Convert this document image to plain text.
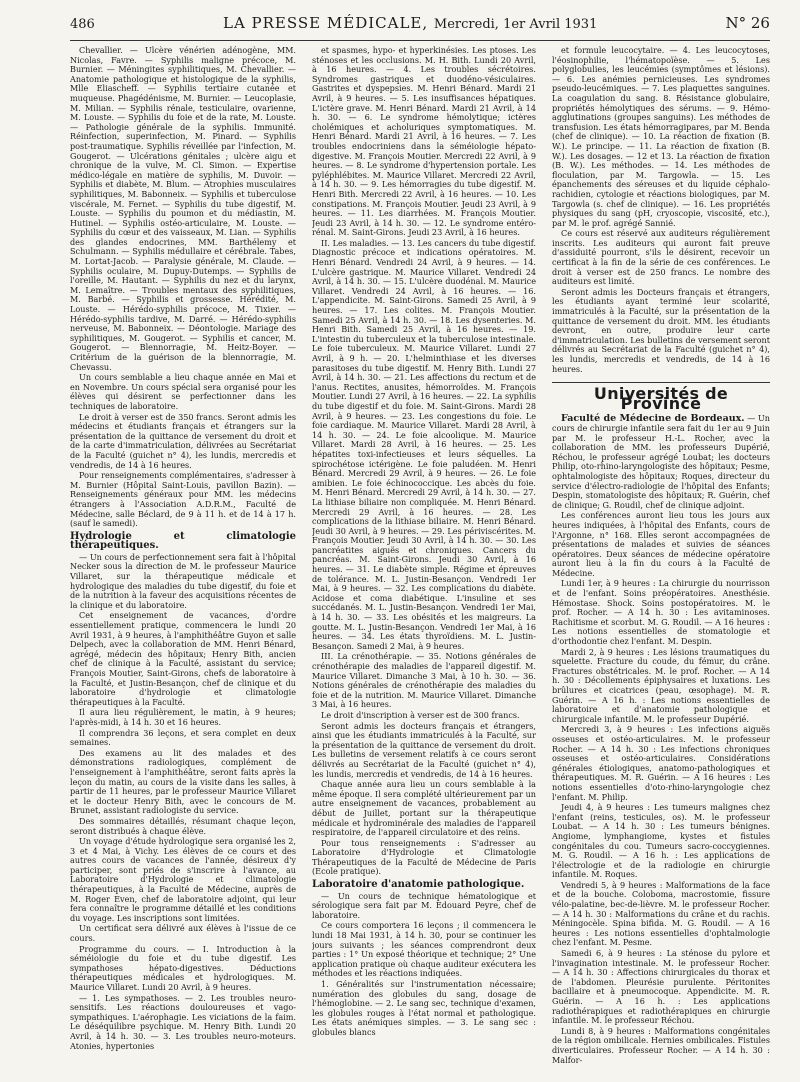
486	LA PRESSE MÉDICALE, Mercredi, 1er Avril 1931	N° 26

Chevallier. — Ulcère vénérien adénogène, MM. Nicolas, Favre. — Syphilis maligne précoce, M. Burnier. — Méningites syphilitiques, M. Chevallier. — Anatomie pathologique et histologique de la syphilis, Mlle Eliascheff. — Syphilis tertiaire cutanée et muqueuse. Phagédénisme, M. Burnier. — Leucoplasie, M. Milian. — Syphilis rénale, testiculaire, ovarienne, M. Louste. — Syphilis du foie et de la rate, M. Louste. — Pathologie générale de la syphilis. Immunité. Réinfection, superinfection, M. Pinard. — Syphilis post-traumatique. Syphilis réveillée par l'infection, M. Gougerot. — Ulcérations génitales ; ulcère aigu et chronique de la vulve, M. Cl. Simon. — Expertise médico-légale en matière de syphilis, M. Duvoir. — Syphilis et diabète, M. Blum. — Atrophies musculaires syphilitiques, M. Babonneix. — Syphilis et tuberculose viscérale, M. Fernet. — Syphilis du tube digestif, M. Louste. — Syphilis du poumon et du médiastin, M. Hutinel. — Syphilis ostéo-articulaire, M. Louste. — Syphilis du cœur et des vaisseaux, M. Lian. — Syphilis des glandes endocrines, MM. Barthélemy et Schulmann. — Syphilis médullaire et cérébrale. Tabes, M. Lortat-Jacob. — Paralysie générale, M. Claude. — Syphilis oculaire, M. Dupuy-Dutemps. — Syphilis de l'oreille, M. Hautant. — Syphilis du nez et du larynx, M. Lemaître. — Troubles mentaux des syphilitiques, M. Barbé. — Syphilis et grossesse. Hérédité, M. Louste. — Hérédo-syphilis précoce, M. Tixier. — Hérédo-syphilis tardive, M. Darré. — Hérédo-syphilis nerveuse, M. Babonneix. — Déontologie. Mariage des syphilitiques, M. Gougerot. — Syphilis et cancer, M. Gougerot. — Blennorragie, M. Heitz-Boyer. — Critérium de la guérison de la blennorragie, M. Chevassu.

Un cours semblable a lieu chaque année en Mai et en Novembre. Un cours spécial sera organisé pour les élèves qui désirent se perfectionner dans les techniques de laboratoire.

Le droit à verser est de 350 francs. Seront admis les médecins et étudiants français et étrangers sur la présentation de la quittance de versement du droit et de la carte d'immatriculation, délivrées au Secrétariat de la Faculté (guichet n° 4), les lundis, mercredis et vendredis, de 14 à 16 heures.

Pour renseignements complémentaires, s'adresser à M. Burnier (Hôpital Saint-Louis, pavillon Bazin). — Renseignements généraux pour MM. les médecins étrangers à l'Association A.D.R.M., Faculté de Médecine, salle Béclard, de 9 à 11 h. et de 14 à 17 h. (sauf le samedi).

Hydrologie et climatologie thérapeutiques.

— Un cours de perfectionnement sera fait à l'hôpital Necker sous la direction de M. le professeur Maurice Villaret, sur la thérapeutique médicale et hydrologique des maladies du tube digestif, du foie et de la nutrition à la faveur des acquisitions récentes de la clinique et du laboratoire.

Cet enseignement de vacances, d'ordre essentiellement pratique, commencera le lundi 20 Avril 1931, à 9 heures, à l'amphithéâtre Guyon et salle Delpech, avec la collaboration de MM. Henri Bénard, agrégé, médecin des hôpitaux; Henry Bith, ancien chef de clinique à la Faculté, assistant du service; François Moutier, Saint-Girons, chefs de laboratoire à la Faculté, et Justin-Besançon, chef de clinique et du laboratoire d'hydrologie et climatologie thérapeutiques à la Faculté.

Il aura lieu régulièrement, le matin, à 9 heures; l'après-midi, à 14 h. 30 et 16 heures.

Il comprendra 36 leçons, et sera complet en deux semaines.

Des examens au lit des malades et des démonstrations radiologiques, complément de l'enseignement à l'amphithéâtre, seront faits après la leçon du matin, au cours de la visite dans les salles, à partir de 11 heures, par le professeur Maurice Villaret et le docteur Henry Bith, avec le concours de M. Brunet, assistant radiologiste du service.

Des sommaires détaillés, résumant chaque leçon, seront distribués à chaque élève.

Un voyage d'étude hydrologique sera organisé les 2, 3 et 4 Mai, à Vichy. Les élèves de ce cours et des autres cours de vacances de l'année, désireux d'y participer, sont priés de s'inscrire à l'avance, au Laboratoire d'Hydrologie et climatologie thérapeutiques, à la Faculté de Médecine, auprès de M. Roger Even, chef de laboratoire adjoint, qui leur fera connaître le programme détaillé et les conditions du voyage. Les inscriptions sont limitées.

Un certificat sera délivré aux élèves à l'issue de ce cours.

Programme du cours. — I. Introduction à la séméiologie du foie et du tube digestif. Les sympathoses hépato-digestives. Déductions thérapeutiques médicales et hydrologiques. M. Maurice Villaret. Lundi 20 Avril, à 9 heures.

— 1. Les sympathoses. — 2. Les troubles neuro-sensitifs. Les réactions douloureuses et vago-sympathiques. L'aérophagie. Les viciations de la faim. Le déséquilibre psychique. M. Henry Bith. Lundi 20 Avril, à 14 h. 30. — 3. Les troubles neuro-moteurs. Atonies, hypertonies

et spasmes, hypo- et hyperkinésies. Les ptoses. Les sténoses et les occlusions. M. H. Bith. Lundi 20 Avril, à 16 heures. — 4. Les troubles sécrétoires. Syndromes gastriques et duodéno-vésiculaires. Gastrites et dyspepsies. M. Henri Bénard. Mardi 21 Avril, à 9 heures. — 5. Les insuffisances hépatiques. L'ictère grave. M. Henri Bénard. Mardi 21 Avril, à 14 h. 30. — 6. Le syndrome hémolytique; ictères cholémiques et acholuriques symptomatiques. M. Henri Bénard. Mardi 21 Avril, à 16 heures. — 7. Les troubles endocriniens dans la séméiologie hépato-digestive. M. François Moutier. Mercredi 22 Avril, à 9 heures. — 8. Le syndrome d'hypertension portale. Les pyléphlébites. M. Maurice Villaret. Mercredi 22 Avril, à 14 h. 30. — 9. Les hémorragies du tube digestif. M. Henri Bith. Mercredi 22 Avril, à 16 heures. — 10. Les constipations. M. François Moutier. Jeudi 23 Avril, à 9 heures. — 11. Les diarrhées. M. François Moutier. Jeudi 23 Avril, à 14 h. 30. — 12. Le syndrome entéro-rénal. M. Saint-Girons. Jeudi 23 Avril, à 16 heures.

II. Les maladies. — 13. Les cancers du tube digestif. Diagnostic précoce et indications opératoires. M. Henri Bénard. Vendredi 24 Avril, à 9 heures. — 14. L'ulcère gastrique. M. Maurice Villaret. Vendredi 24 Avril, à 14 h. 30. — 15. L'ulcère duodénal. M. Maurice Villaret. Vendredi 24 Avril, à 16 heures. — 16. L'appendicite. M. Saint-Girons. Samedi 25 Avril, à 9 heures. — 17. Les colites. M. François Moutier. Samedi 25 Avril, à 14 h. 30. — 18. Les dysenteries. M. Henri Bith. Samedi 25 Avril, à 16 heures. — 19. L'intestin du tuberculeux et la tuberculose intestinale. Le foie tuberculeux. M. Maurice Villaret. Lundi 27 Avril, à 9 h. — 20. L'helminthiase et les diverses parasitoses du tube digestif. M. Henry Bith. Lundi 27 Avril, à 14 h. 30. — 21. Les affections du rectum et de l'anus. Rectites, anusites, hémorroïdes. M. François Moutier. Lundi 27 Avril, à 16 heures. — 22. La syphilis du tube digestif et du foie. M. Saint-Girons. Mardi 28 Avril, à 9 heures. — 23. Les congestions du foie. Le foie cardiaque. M. Maurice Villaret. Mardi 28 Avril, à 14 h. 30. — 24. Le foie alcoolique. M. Maurice Villaret. Mardi 28 Avril, à 16 heures. — 25. Les hépatites toxi-infectieuses et leurs séquelles. La spirochétose ictérigène. Le foie paludéen. M. Henri Bénard. Mercredi 29 Avril, à 9 heures. — 26. Le foie amibien. Le foie échinococcique. Les abcès du foie. M. Henri Bénard. Mercredi 29 Avril, à 14 h. 30. — 27. La lithiase biliaire non compliquée. M. Henri Bénard. Mercredi 29 Avril, à 16 heures. — 28. Les complications de la lithiase biliaire. M. Henri Bénard. Jeudi 30 Avril, à 9 heures. — 29. Les périviscérites. M. François Moutier. Jeudi 30 Avril, à 14 h. 30. — 30. Les pancréatites aiguës et chroniques. Cancers du pancréas. M. Saint-Girons. Jeudi 30 Avril, à 16 heures. — 31. Le diabète simple. Régime et épreuves de tolérance. M. L. Justin-Besançon. Vendredi 1er Mai, à 9 heures. — 32. Les complications du diabète. Acidose et coma diabétique. L'insuline et ses succédanés. M. L. Justin-Besançon. Vendredi 1er Mai, à 14 h. 30. — 33. Les obésités et les maigreurs. La goutte. M. L. Justin-Besançon. Vendredi 1er Mai, à 16 heures. — 34. Les états thyroïdiens. M. L. Justin-Besançon. Samedi 2 Mai, à 9 heures.

III. La crénothérapie. — 35. Notions générales de crénothérapie des maladies de l'appareil digestif. M. Maurice Villaret. Dimanche 3 Mai, à 10 h. 30. — 36. Notions générales de crénothérapie des maladies du foie et de la nutrition. M. Maurice Villaret. Dimanche 3 Mai, à 16 heures.

Le droit d'inscription à verser est de 300 francs.

Seront admis les docteurs français et étrangers, ainsi que les étudiants immatriculés à la Faculté, sur la présentation de la quittance de versement du droit. Les bulletins de versement relatifs à ce cours seront délivrés au Secrétariat de la Faculté (guichet n° 4), les lundis, mercredis et vendredis, de 14 à 16 heures.

Chaque année aura lieu un cours semblable à la même époque. Il sera complété ultérieurement par un autre enseignement de vacances, probablement au début de Juillet, portant sur la thérapeutique médicale et hydrominérale des maladies de l'appareil respiratoire, de l'appareil circulatoire et des reins.

Pour tous renseignements : S'adresser au Laboratoire d'Hydrologie et Climatologie Thérapeutiques de la Faculté de Médecine de Paris (Ecole pratique).

Laboratoire d'anatomie pathologique.

— Un cours de technique hématologique et sérologique sera fait par M. Edouard Peyre, chef de laboratoire.

Ce cours comportera 16 leçons ; il commencera le lundi 18 Mai 1931, à 14 h. 30, pour se continuer les jours suivants ; les séances comprendront deux parties : 1° Un exposé théorique et technique; 2° Une application pratique où chaque auditeur exécutera les méthodes et les réactions indiquées.

1. Généralités sur l'instrumentation nécessaire; numération des globules du sang, dosage de l'hémoglobine. — 2. Le sang sec, technique d'examen, les globules rouges à l'état normal et pathologique. Les états anémiques simples. — 3. Le sang sec : globules blancs

et formule leucocytaire. — 4. Les leucocytoses, l'éosinophilie, l'hématopoïèse. — 5. Les polyglobulies, les leucémies (symptômes et lésions). — 6. Les anémies pernicieuses. Les syndromes pseudo-leucémiques. — 7. Les plaquettes sanguines. La coagulation du sang. 8. Résistance globulaire, propriétés hémolytiques des sérums. — 9. Hémo-agglutinations (groupes sanguins). Les méthodes de transfusion. Les états hémorragipares, par M. Benda (chef de clinique). — 10. La réaction de fixation (B. W.). Le principe. — 11. La réaction de fixation (B. W.). Les dosages. — 12 et 13. La réaction de fixation (B. W.). Les méthodes. — 14. Les méthodes de floculation, par M. Targowla. — 15. Les épanchements des séreuses et du liquide céphalo-rachidien, cytologie et réactions biologiques, par M. Targowla (s. chef de clinique). — 16. Les propriétés physiques du sang (pH, cryoscopie, viscosité, etc.), par M. le prof. agrégé Sannié.

Ce cours est réservé aux auditeurs régulièrement inscrits. Les auditeurs qui auront fait preuve d'assiduité pourront, s'ils le désirent, recevoir un certificat à la fin de la série de ces conférences. Le droit à verser est de 250 francs. Le nombre des auditeurs est limité.

Seront admis les Docteurs français et étrangers, les étudiants ayant terminé leur scolarité, immatriculés à la Faculté, sur la présentation de la quittance de versement du droit. MM. les étudiants devront, en outre, produire leur carte d'immatriculation. Les bulletins de versement seront délivrés au Secrétariat de la Faculté (guichet n° 4), les lundis, mercredis et vendredis, de 14 à 16 heures.

Universités de Province

Faculté de Médecine de Bordeaux. — Un cours de chirurgie infantile sera fait du 1er au 9 Juin par M. le professeur H.-L. Rocher, avec la collaboration de MM. les professeurs Dupérié, Réchou, le professeur agrégé Loubat; les docteurs Philip, oto-rhino-laryngologiste des hôpitaux; Pesme, ophtalmologiste des hôpitaux; Roques, directeur du service d'électro-radiologie de l'hôpital des Enfants; Despin, stomatologiste des hôpitaux; R. Guérin, chef de clinique; G. Roudil, chef de clinique adjoint.

Les conférences auront lieu tous les jours aux heures indiquées, à l'hôpital des Enfants, cours de l'Argonne, n° 168. Elles seront accompagnées de présentations de malades et suivies de séances opératoires. Deux séances de médecine opératoire auront lieu à la fin du cours à la Faculté de Médecine.

Lundi 1er, à 9 heures : La chirurgie du nourrisson et de l'enfant. Soins préopératoires. Anesthésie. Hémostase. Shock. Soins postopératoires. M. le prof. Rocher. — A 14 h. 30 : Les avitaminoses. Rachitisme et scorbut. M. G. Roudil. — A 16 heures : Les notions essentielles de stomatologie et d'orthodontie chez l'enfant. M. Despin.

Mardi 2, à 9 heures : Les lésions traumatiques du squelette. Fracture du coude, du fémur, du crâne. Fractures obstétricales. M. le prof. Rocher. — A 14 h. 30 : Décollements épiphysaires et luxations. Les brûlures et cicatrices (peau, œsophage). M. R. Guérin. — A 16 h. : Les notions essentielles de laboratoire et d'anatomie pathologique et chirurgicale infantile. M. le professeur Dupérié.

Mercredi 3, à 9 heures : Les infections aiguës osseuses et ostéo-articulaires. M. le professeur Rocher. — A 14 h. 30 : Les infections chroniques osseuses et ostéo-articulaires. Considérations générales étiologiques, anatomo-pathologiques et thérapeutiques. M. R. Guérin. — A 16 heures : Les notions essentielles d'oto-rhino-laryngologie chez l'enfant. M. Philip.

Jeudi 4, à 9 heures : Les tumeurs malignes chez l'enfant (reins, testicules, os). M. le professeur Loubat. — A 14 h. 30 : Les tumeurs bénignes. Angiome, lymphangiome, kystes et fistules congénitales du cou. Tumeurs sacro-coccygiennes. M. G. Roudil. — A 16 h. : Les applications de l'électrologie et de la radiologie en chirurgie infantile. M. Roques.

Vendredi 5, à 9 heures : Malformations de la face et de la bouche. Coloboma, macrostomie, fissure vélo-palatine, bec-de-lièvre. M. le professeur Rocher. — A 14 h. 30 : Malformations du crâne et du rachis. Méningocèle. Spina bifida. M. G. Roudil. — A 16 heures : Les notions essentielles d'ophtalmologie chez l'enfant. M. Pesme.

Samedi 6, à 9 heures : La sténose du pylore et l'invagination intestinale. M. le professeur Rocher. — A 14 h. 30 : Affections chirurgicales du thorax et de l'abdomen. Pleurésie purulente. Péritonites bacillaire et à pneumocoque. Appendicite. M. R. Guérin. — A 16 h. : Les applications radiothérapiques et radiothérapiques en chirurgie infantile. M. le professeur Réchou.

Lundi 8, à 9 heures : Malformations congénitales de la région ombilicale. Hernies ombilicales. Fistules diverticulaires. Professeur Rocher. — A 14 h. 30 : Malfor-
